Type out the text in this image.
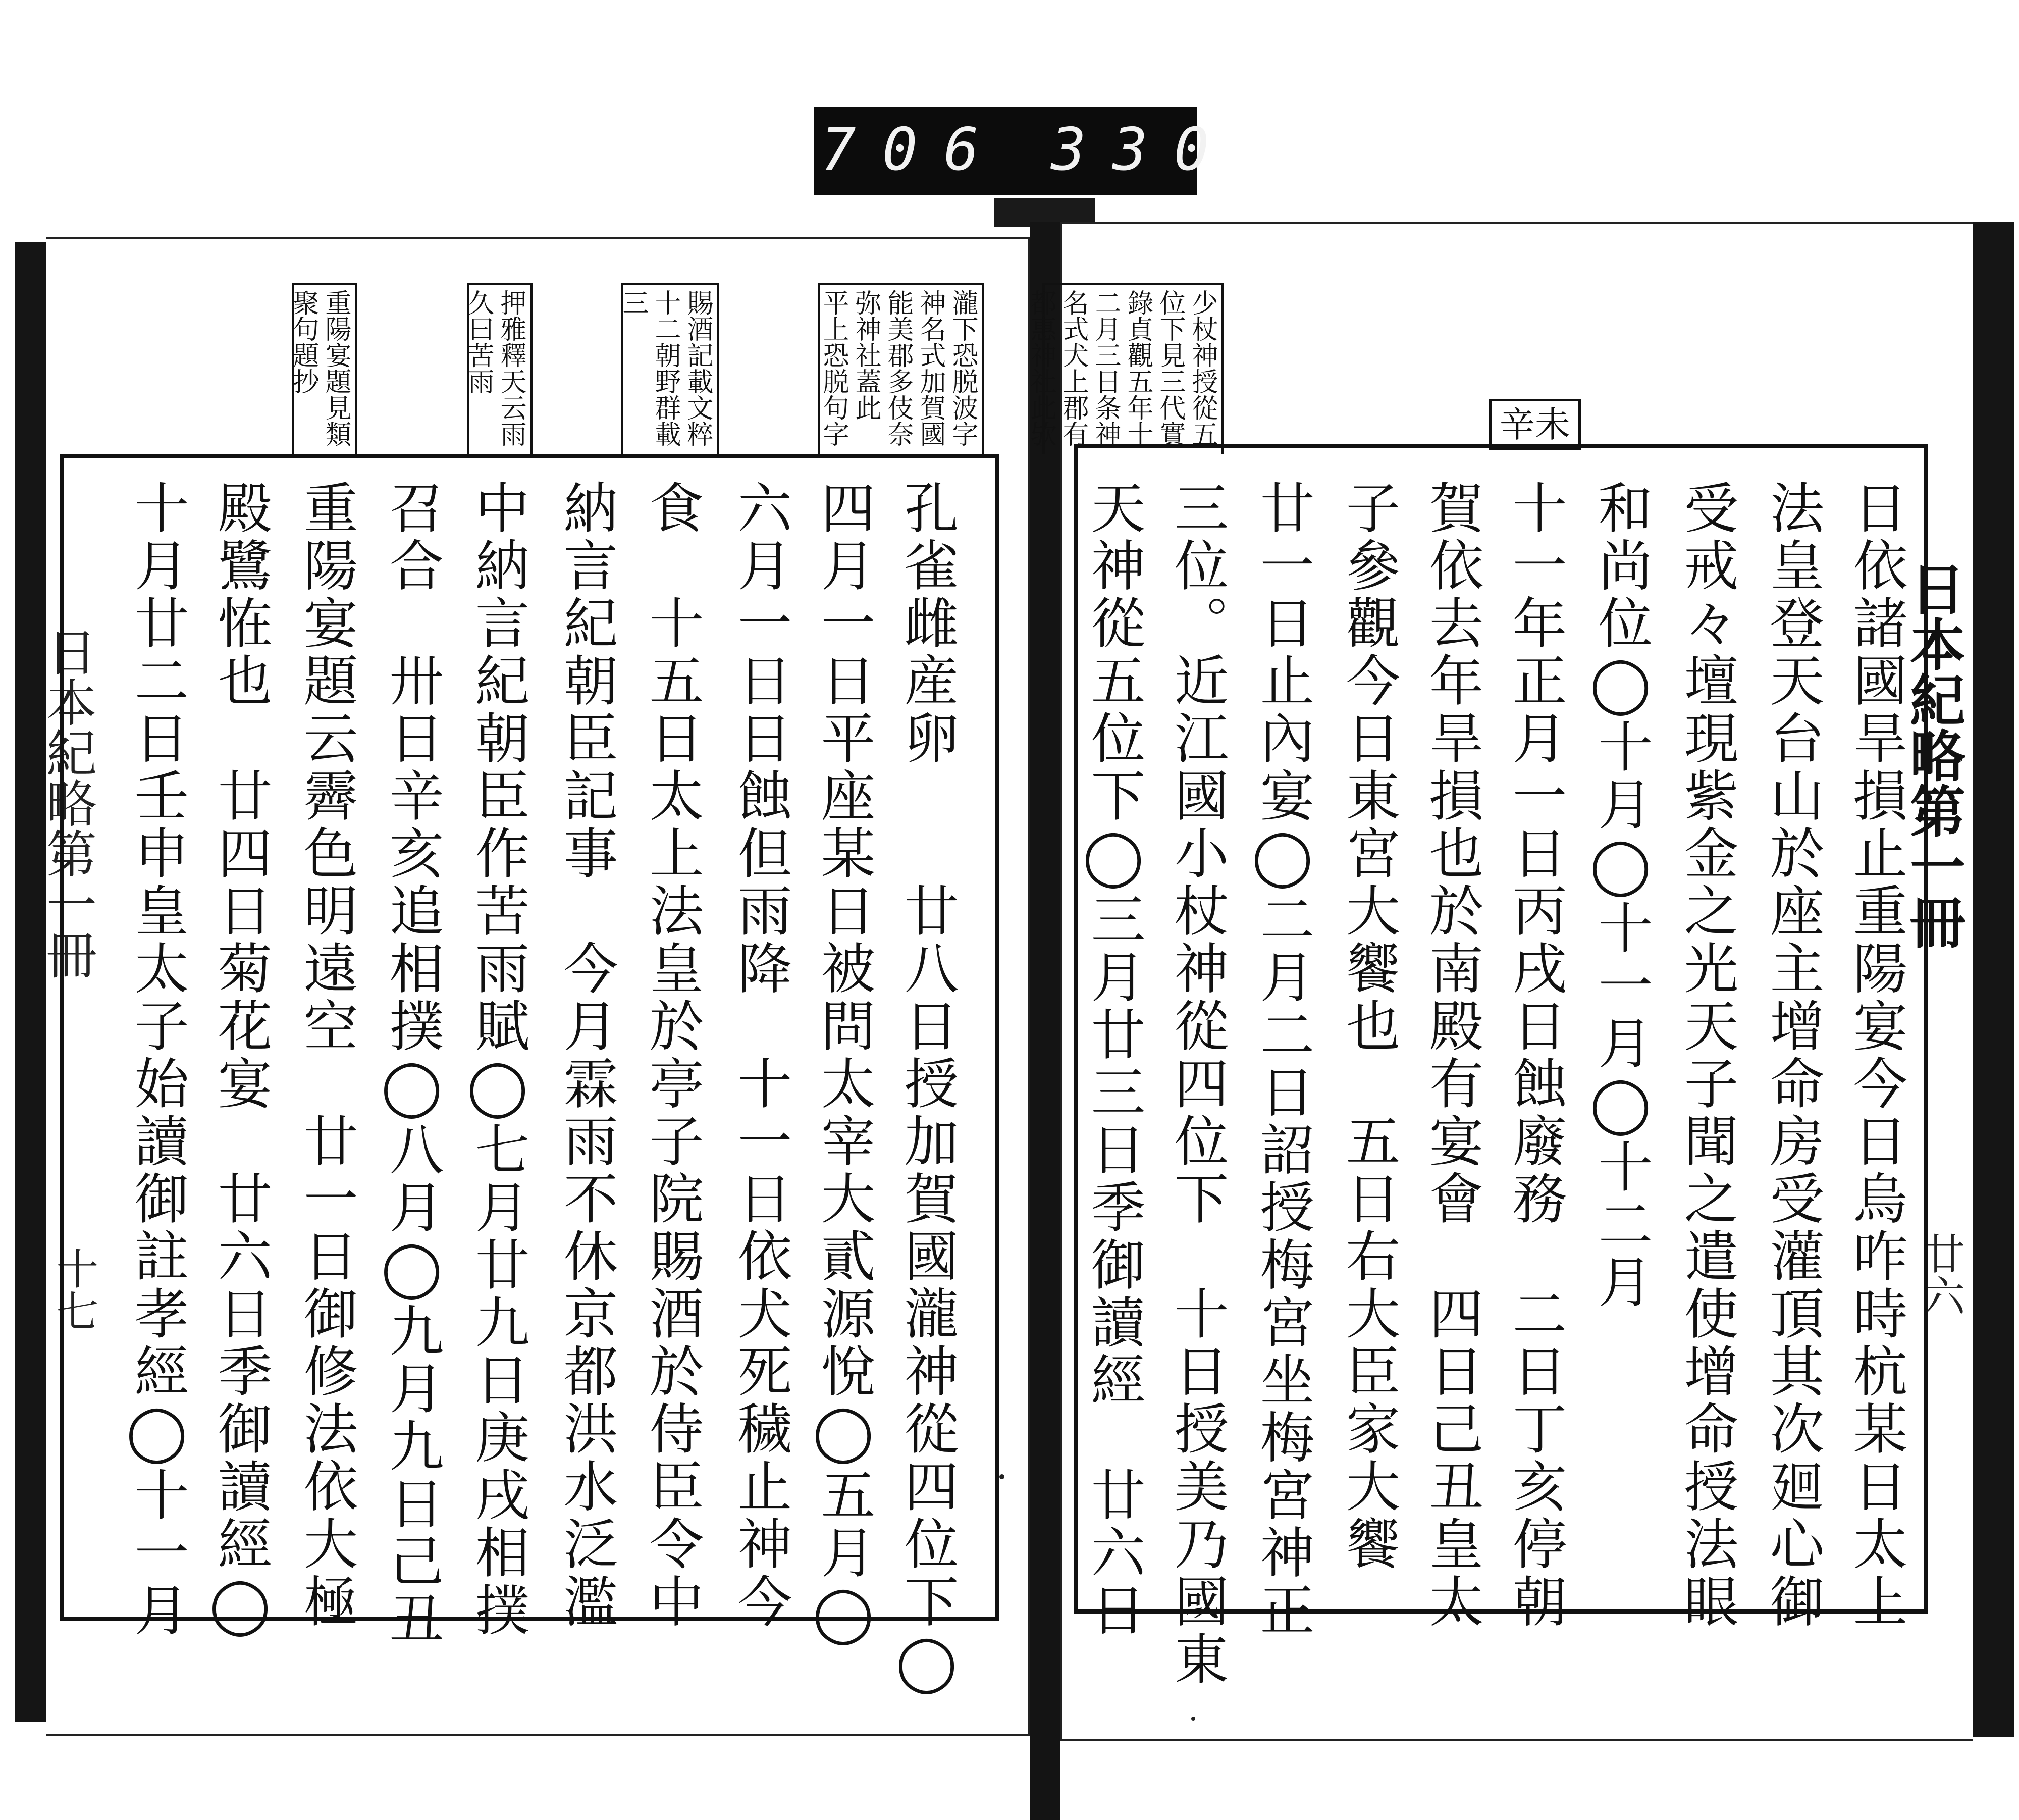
706 330
日本紀略第一冊
十七
瀧下恐脱波字
神名式加賀國
能美郡多伎奈
弥神社蓋此
平上恐脱句字
賜酒記載文粹
十二朝野群載
三
押雅釋天云雨
久曰苦雨
重陽宴題見類
聚句題抄
孔雀雌産卵　　廿八日授加賀國瀧神從四位下◯
四月一日平座某日被問太宰大貳源悅◯五月◯
六月一日日蝕但雨降　十一日依犬死穢止神今
食　十五日太上法皇於亭子院賜酒於侍臣令中
納言紀朝臣記事　今月霖雨不休京都洪水泛濫
中納言紀朝臣作苦雨賦◯七月廿九日庚戌相撲
召合　卅日辛亥追相撲◯八月◯九月九日己丑
重陽宴題云霽色明遠空　廿一日御修法依大極
殿鷺恠也　廿四日菊花宴　廿六日季御讀經◯
十月廿二日壬申皇太子始讀御註孝經◯十一月	日本紀略第一冊
廿六
少杖神授從五
位下見三代實
錄貞觀五年十
二月三日条神
名式犬上郡有
都惠神社此欤	辛未
日依諸國旱損止重陽宴今日烏咋時杭某日太上
法皇登天台山於座主增命房受灌頂其次廻心御
受戒々壇現紫金之光天子聞之遣使增命授法眼
和尚位◯十月◯十一月◯十二月
十一年正月一日丙戌日蝕廢務　二日丁亥停朝
賀依去年旱損也於南殿有宴會　四日己丑皇太
子參觀今日東宮大饗也　五日右大臣家大饗
廿一日止內宴◯二月二日詔授梅宮坐梅宮神正
三位。近江國小杖神從四位下　十日授美乃國東
天神從五位下◯三月廿三日季御讀經　廿六日
